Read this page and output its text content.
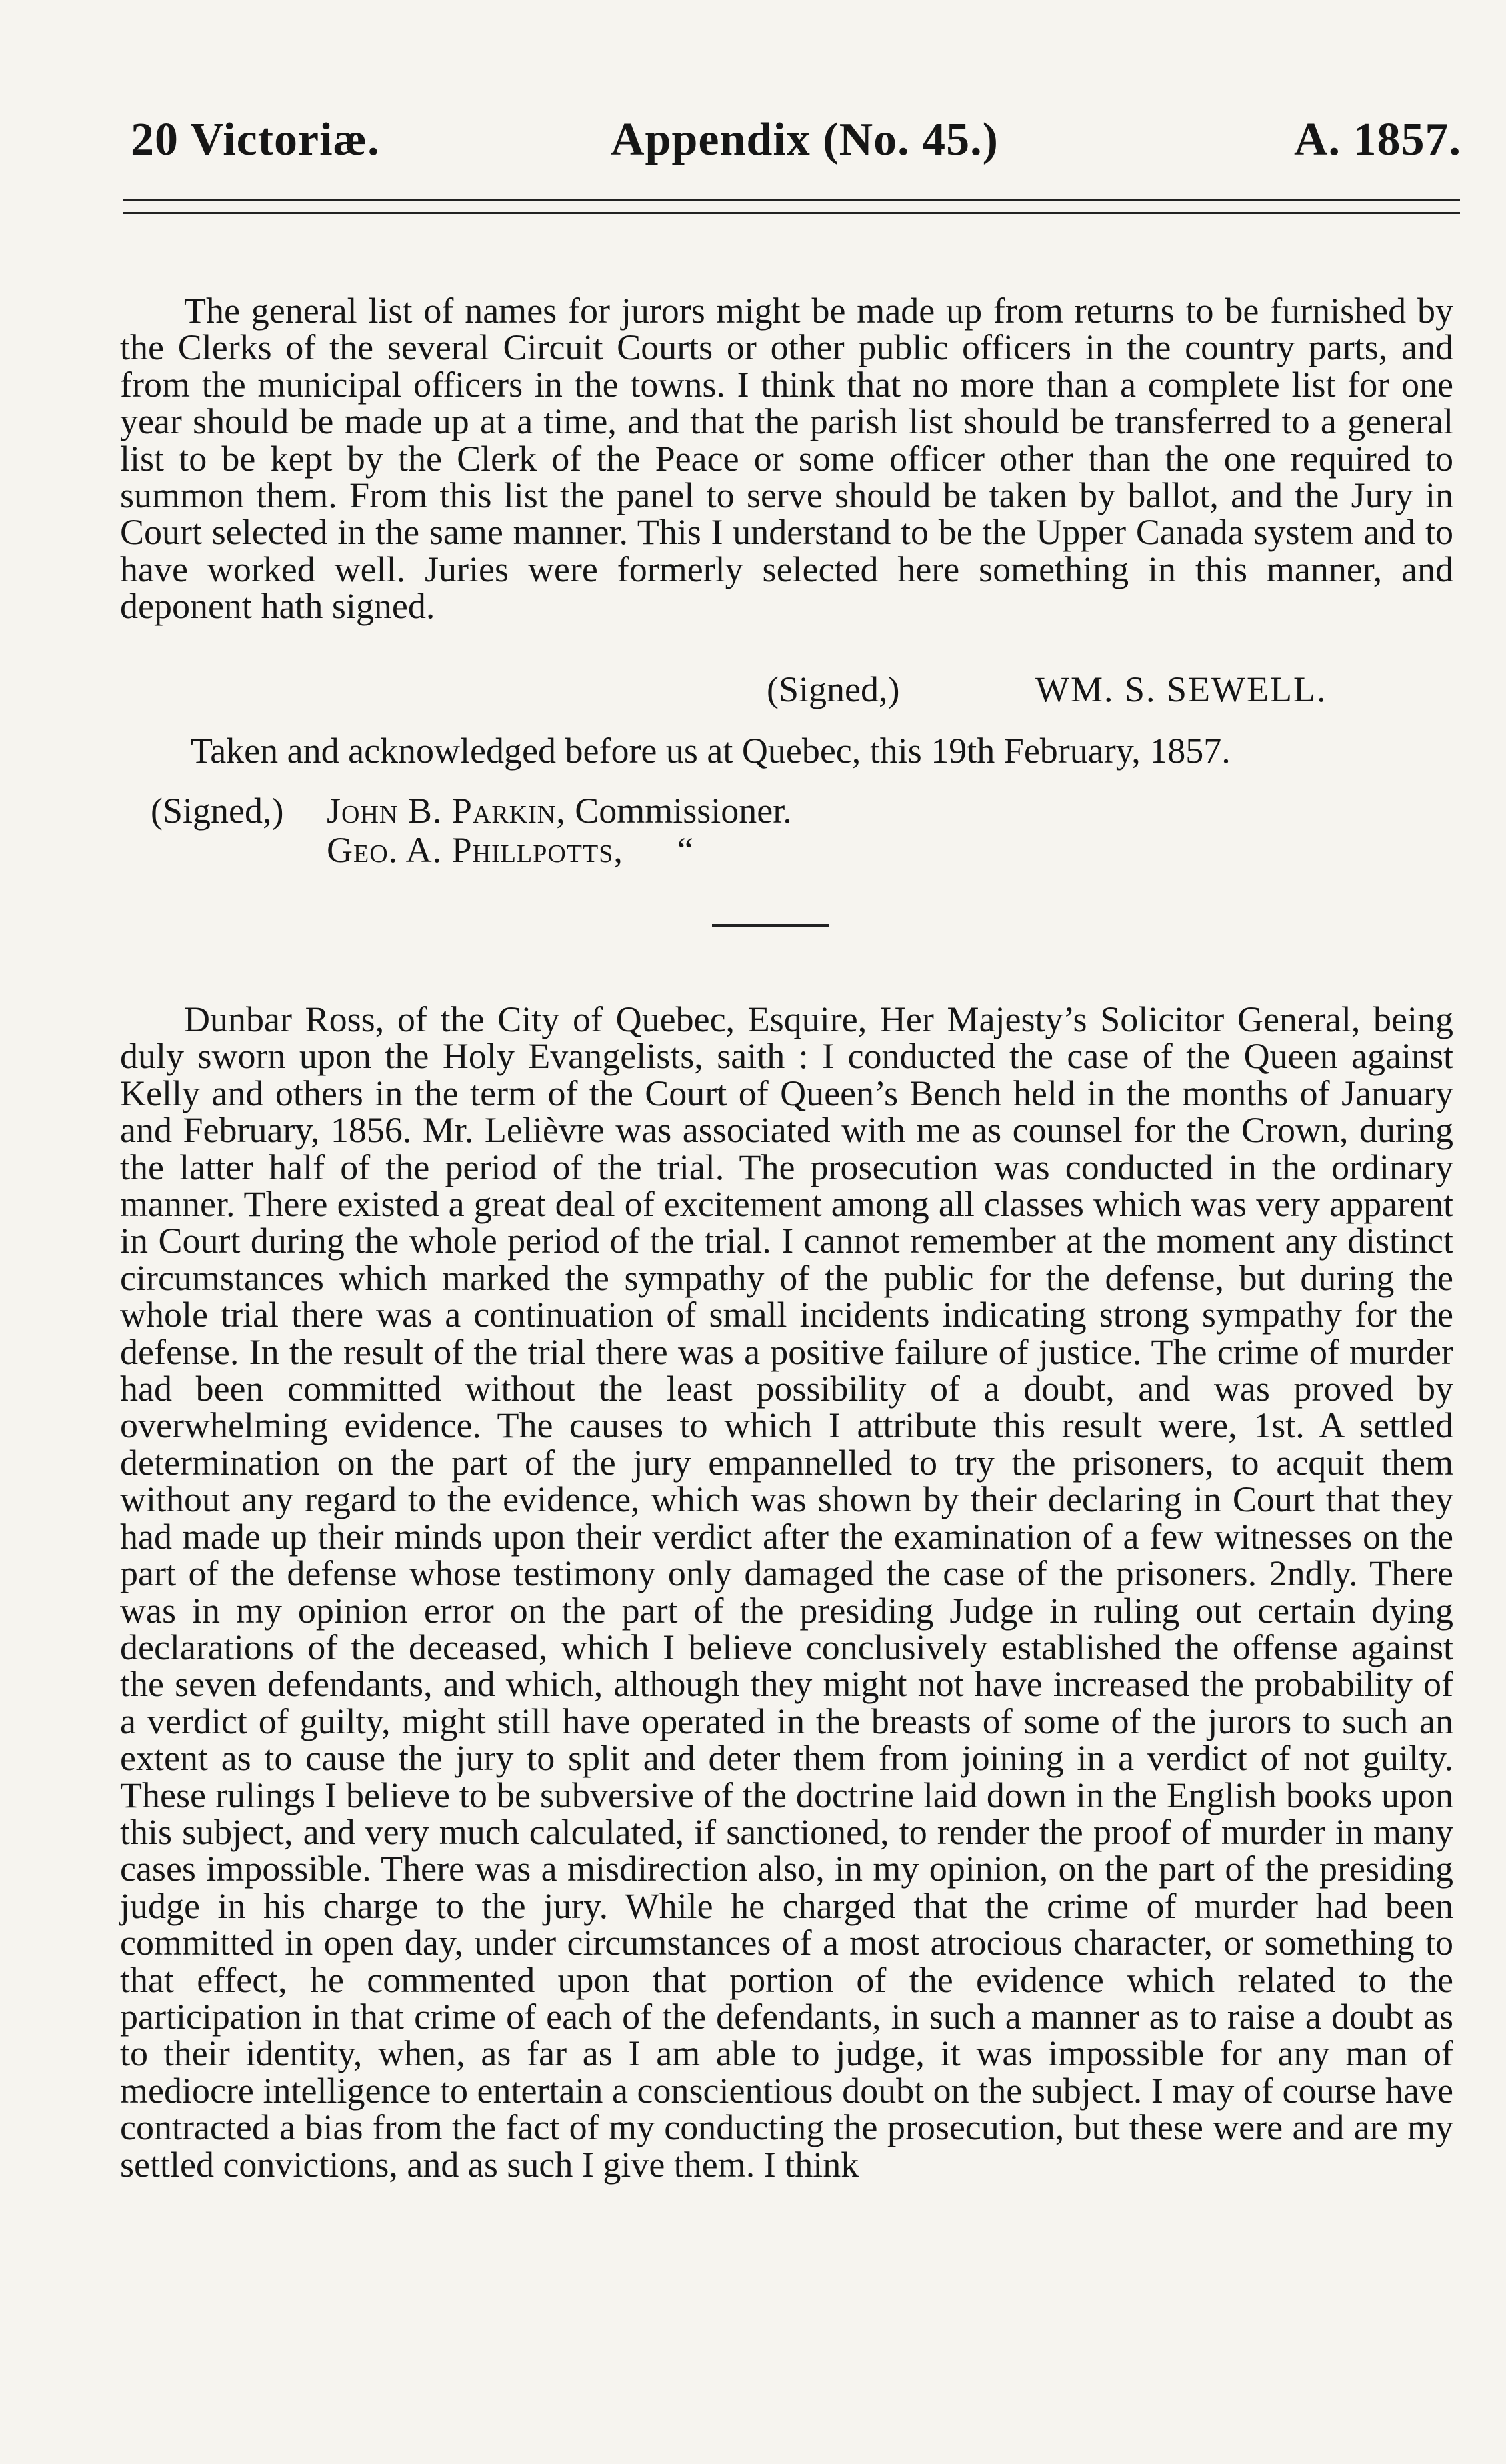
20 Victoriæ.	Appendix (No. 45.)	A. 1857.

The general list of names for jurors might be made up from returns to be furnished by the Clerks of the several Circuit Courts or other public officers in the country parts, and from the municipal officers in the towns. I think that no more than a complete list for one year should be made up at a time, and that the parish list should be transferred to a general list to be kept by the Clerk of the Peace or some officer other than the one required to summon them. From this list the panel to serve should be taken by ballot, and the Jury in Court selected in the same manner. This I understand to be the Upper Canada system and to have worked well. Juries were formerly selected here something in this manner, and deponent hath signed.

(Signed,)	WM. S. SEWELL.
Taken and acknowledged before us at Quebec, this 19th February, 1857.
(Signed,) John B. Parkin, Commissioner.
Geo. A. Phillpotts, “

Dunbar Ross, of the City of Quebec, Esquire, Her Majesty’s Solicitor General, being duly sworn upon the Holy Evangelists, saith : I conducted the case of the Queen against Kelly and others in the term of the Court of Queen’s Bench held in the months of January and February, 1856. Mr. Lelièvre was associated with me as counsel for the Crown, during the latter half of the period of the trial. The prosecution was conducted in the ordinary manner. There existed a great deal of excitement among all classes which was very apparent in Court during the whole period of the trial. I cannot remember at the moment any distinct circumstances which marked the sympathy of the public for the defense, but during the whole trial there was a continuation of small incidents indicating strong sympathy for the defense. In the result of the trial there was a positive failure of justice. The crime of murder had been committed without the least possibility of a doubt, and was proved by overwhelming evidence. The causes to which I attribute this result were, 1st. A settled determination on the part of the jury empannelled to try the prisoners, to acquit them without any regard to the evidence, which was shown by their declaring in Court that they had made up their minds upon their verdict after the examination of a few witnesses on the part of the defense whose testimony only damaged the case of the prisoners. 2ndly. There was in my opinion error on the part of the presiding Judge in ruling out certain dying declarations of the deceased, which I believe conclusively established the offense against the seven defendants, and which, although they might not have increased the probability of a verdict of guilty, might still have operated in the breasts of some of the jurors to such an extent as to cause the jury to split and deter them from joining in a verdict of not guilty. These rulings I believe to be subversive of the doctrine laid down in the English books upon this subject, and very much calculated, if sanctioned, to render the proof of murder in many cases impossible. There was a misdirection also, in my opinion, on the part of the presiding judge in his charge to the jury. While he charged that the crime of murder had been committed in open day, under circumstances of a most atrocious character, or something to that effect, he commented upon that portion of the evidence which related to the participation in that crime of each of the defendants, in such a manner as to raise a doubt as to their identity, when, as far as I am able to judge, it was impossible for any man of mediocre intelligence to entertain a conscientious doubt on the subject. I may of course have contracted a bias from the fact of my conducting the prosecution, but these were and are my settled convictions, and as such I give them. I think
